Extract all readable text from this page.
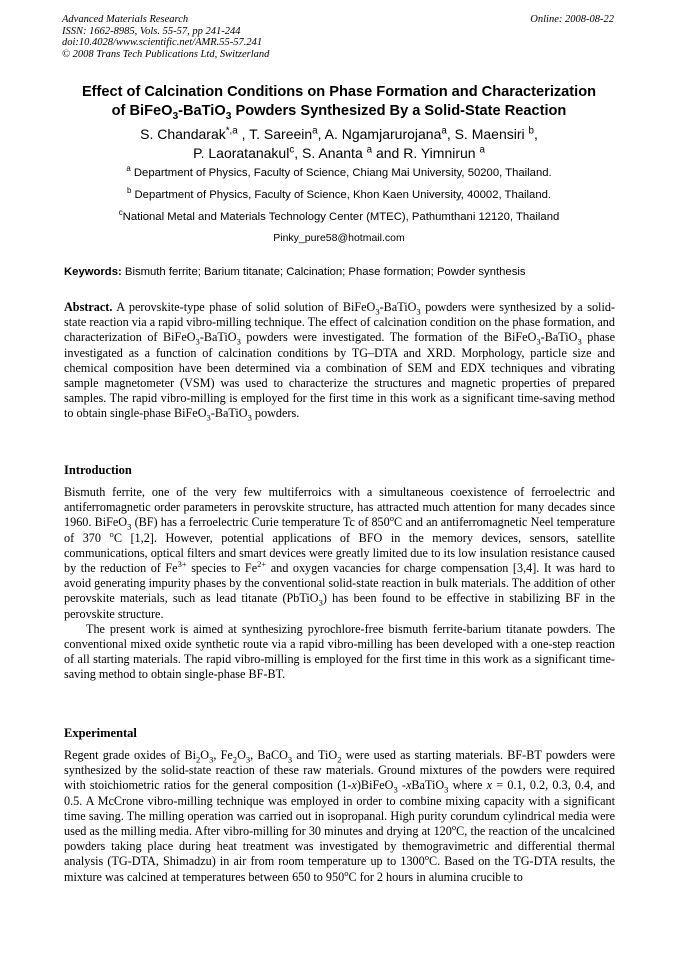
Advanced Materials Research
ISSN: 1662-8985, Vols. 55-57, pp 241-244
doi:10.4028/www.scientific.net/AMR.55-57.241
© 2008 Trans Tech Publications Ltd, Switzerland
Online: 2008-08-22
Effect of Calcination Conditions on Phase Formation and Characterization
of BiFeO$_3$-BaTiO$_3$ Powders Synthesized By a Solid-State Reaction
S. Chandarak$^{*,a}$ , T. Sareein$^a$, A. Ngamjarurojana$^a$, S. Maensiri $^b$,
P. Laoratanakul$^c$, S. Ananta $^a$ and R. Yimnirun $^a$
$^a$ Department of Physics, Faculty of Science, Chiang Mai University, 50200, Thailand.
$^b$ Department of Physics, Faculty of Science, Khon Kaen University, 40002, Thailand.
$^c$National Metal and Materials Technology Center (MTEC), Pathumthani 12120, Thailand
Pinky_pure58@hotmail.com
Keywords: Bismuth ferrite; Barium titanate; Calcination; Phase formation; Powder synthesis

Abstract. A perovskite-type phase of solid solution of BiFeO$_3$-BaTiO$_3$ powders were synthesized by a solid-state reaction via a rapid vibro-milling technique. The effect of calcination condition on the phase formation, and characterization of BiFeO$_3$-BaTiO$_3$ powders were investigated. The formation of the BiFeO$_3$-BaTiO$_3$ phase investigated as a function of calcination conditions by TG–DTA and XRD. Morphology, particle size and chemical composition have been determined via a combination of SEM and EDX techniques and vibrating sample magnetometer (VSM) was used to characterize the structures and magnetic properties of prepared samples. The rapid vibro-milling is employed for the first time in this work as a significant time-saving method to obtain single-phase BiFeO$_3$-BaTiO$_3$ powders.

Introduction

Bismuth ferrite, one of the very few multiferroics with a simultaneous coexistence of ferroelectric and antiferromagnetic order parameters in perovskite structure, has attracted much attention for many decades since 1960. BiFeO$_3$ (BF) has a ferroelectric Curie temperature Tc of 850$^o$C and an antiferromagnetic Neel temperature of 370 $^o$C [1,2]. However, potential applications of BFO in the memory devices, sensors, satellite communications, optical filters and smart devices were greatly limited due to its low insulation resistance caused by the reduction of $Fe^{3+}$ species to $Fe^{2+}$ and oxygen vacancies for charge compensation [3,4]. It was hard to avoid generating impurity phases by the conventional solid-state reaction in bulk materials. The addition of other perovskite materials, such as lead titanate (PbTiO$_3$) has been found to be effective in stabilizing BF in the perovskite structure.

The present work is aimed at synthesizing pyrochlore-free bismuth ferrite-barium titanate powders. The conventional mixed oxide synthetic route via a rapid vibro-milling has been developed with a one-step reaction of all starting materials. The rapid vibro-milling is employed for the first time in this work as a significant time-saving method to obtain single-phase BF-BT.

Experimental

Regent grade oxides of $Bi_2O_3$, $Fe_2O_3$, BaCO$_3$ and TiO$_2$ were used as starting materials. BF-BT powders were synthesized by the solid-state reaction of these raw materials. Ground mixtures of the powders were required with stoichiometric ratios for the general composition (1-x)BiFeO$_3$ -xBaTiO$_3$ where x = 0.1, 0.2, 0.3, 0.4, and 0.5. A McCrone vibro-milling technique was employed in order to combine mixing capacity with a significant time saving. The milling operation was carried out in isopropanal. High purity corundum cylindrical media were used as the milling media. After vibro-milling for 30 minutes and drying at 120$^o$C, the reaction of the uncalcined powders taking place during heat treatment was investigated by themogravimetric and differential thermal analysis (TG-DTA, Shimadzu) in air from room temperature up to 1300$^o$C. Based on the TG-DTA results, the mixture was calcined at temperatures between 650 to 950$^o$C for 2 hours in alumina crucible to
